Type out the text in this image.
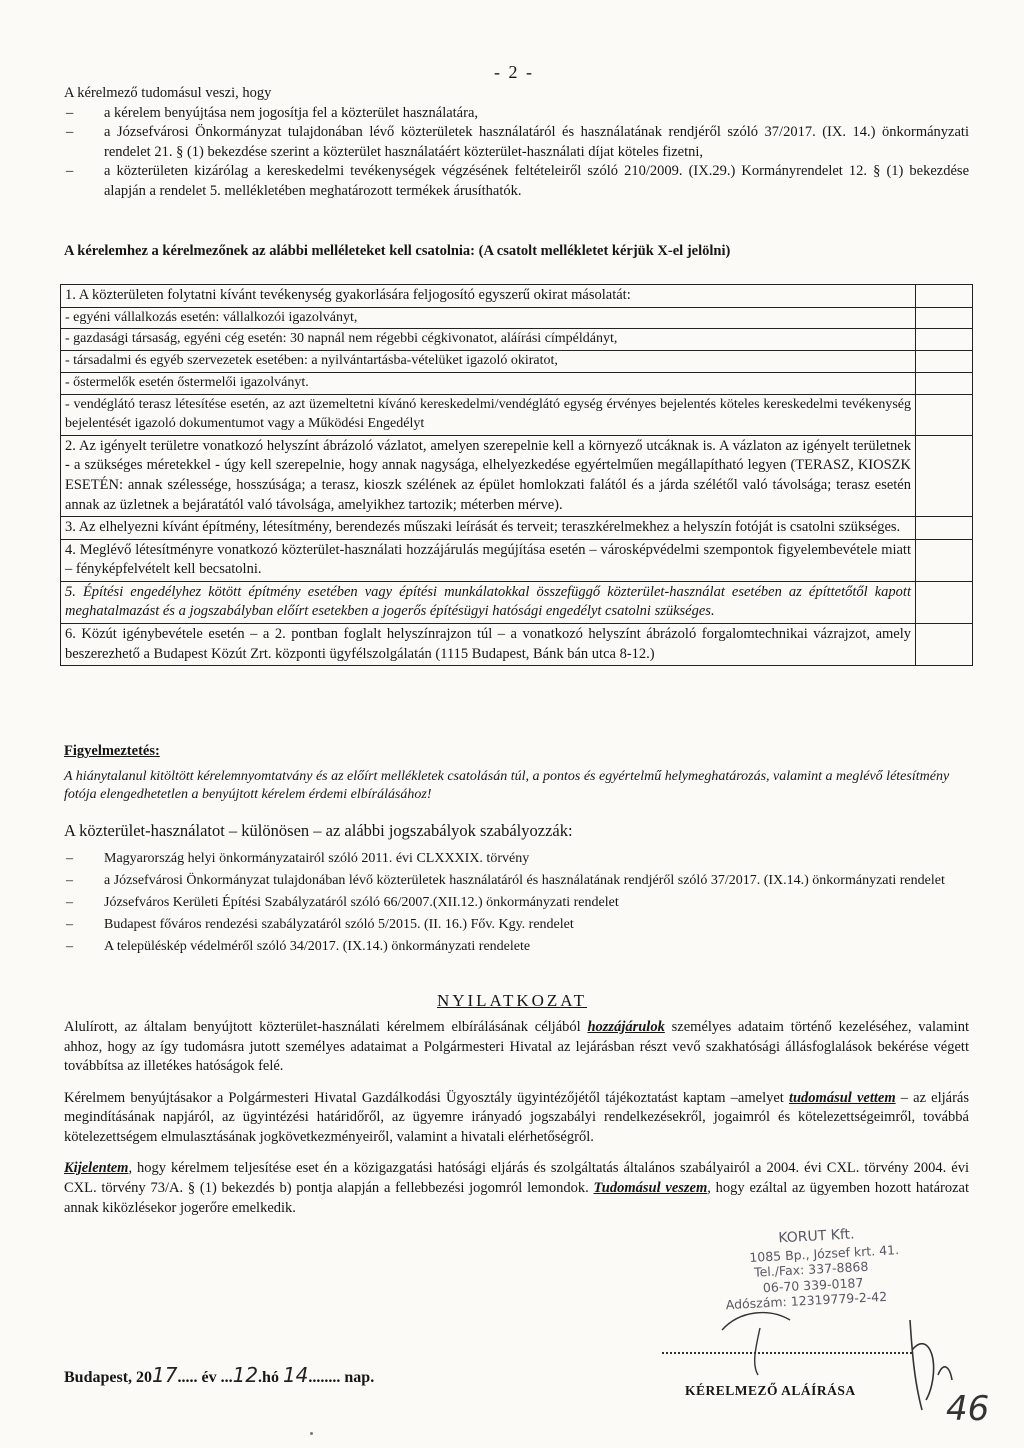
- 2 -

A kérelmező tudomásul veszi, hogy

– a kérelem benyújtása nem jogosítja fel a közterület használatára,
– a Józsefvárosi Önkormányzat tulajdonában lévő közterületek használatáról és használatának rendjéről szóló 37/2017. (IX. 14.) önkormányzati rendelet 21. § (1) bekezdése szerint a közterület használatáért közterület-használati díjat köteles fizetni,
– a közterületen kizárólag a kereskedelmi tevékenységek végzésének feltételeiről szóló 210/2009. (IX.29.) Kormányrendelet 12. § (1) bekezdése alapján a rendelet 5. mellékletében meghatározott termékek árusíthatók.
A kérelemhez a kérelmezőnek az alábbi melléleteket kell csatolnia: (A csatolt mellékletet kérjük X-el jelölni)
1. A közterületen folytatni kívánt tevékenység gyakorlására feljogosító egyszerű okirat másolatát:	
- egyéni vállalkozás esetén: vállalkozói igazolványt,	
- gazdasági társaság, egyéni cég esetén: 30 napnál nem régebbi cégkivonatot, aláírási címpéldányt,	
- társadalmi és egyéb szervezetek esetében: a nyilvántartásba-vételüket igazoló okiratot,	
- őstermelők esetén őstermelői igazolványt.	
- vendéglátó terasz létesítése esetén, az azt üzemeltetni kívánó kereskedelmi/vendéglátó egység érvényes bejelentés köteles kereskedelmi tevékenység bejelentését igazoló dokumentumot vagy a Működési Engedélyt	
2. Az igényelt területre vonatkozó helyszínt ábrázoló vázlatot, amelyen szerepelnie kell a környező utcáknak is. A vázlaton az igényelt területnek - a szükséges méretekkel - úgy kell szerepelnie, hogy annak nagysága, elhelyezkedése egyértelműen megállapítható legyen (TERASZ, KIOSZK ESETÉN: annak szélessége, hosszúsága; a terasz, kioszk szélének az épület homlokzati falától és a járda szélétől való távolsága; terasz esetén annak az üzletnek a bejáratától való távolsága, amelyikhez tartozik; méterben mérve).	
3. Az elhelyezni kívánt építmény, létesítmény, berendezés műszaki leírását és terveit; teraszkérelmekhez a helyszín fotóját is csatolni szükséges.	
4. Meglévő létesítményre vonatkozó közterület-használati hozzájárulás megújítása esetén – városképvédelmi szempontok figyelembevétele miatt – fényképfelvételt kell becsatolni.	
5. Építési engedélyhez kötött építmény esetében vagy építési munkálatokkal összefüggő közterület-használat esetében az építtetőtől kapott meghatalmazást és a jogszabályban előírt esetekben a jogerős építésügyi hatósági engedélyt csatolni szükséges.	
6. Közút igénybevétele esetén – a 2. pontban foglalt helyszínrajzon túl – a vonatkozó helyszínt ábrázoló forgalomtechnikai vázrajzot, amely beszerezhető a Budapest Közút Zrt. központi ügyfélszolgálatán (1115 Budapest, Bánk bán utca 8-12.)	

Figyelmeztetés:

A hiánytalanul kitöltött kérelemnyomtatvány és az előírt mellékletek csatolásán túl, a pontos és egyértelmű helymeghatározás, valamint a meglévő létesítmény fotója elengedhetetlen a benyújtott kérelem érdemi elbírálásához!

A közterület-használatot – különösen – az alábbi jogszabályok szabályozzák:

– Magyarország helyi önkormányzatairól szóló 2011. évi CLXXXIX. törvény
– a Józsefvárosi Önkormányzat tulajdonában lévő közterületek használatáról és használatának rendjéről szóló 37/2017. (IX.14.) önkormányzati rendelet
– Józsefváros Kerületi Építési Szabályzatáról szóló 66/2007.(XII.12.) önkormányzati rendelet
– Budapest főváros rendezési szabályzatáról szóló 5/2015. (II. 16.) Főv. Kgy. rendelet
– A településkép védelméről szóló 34/2017. (IX.14.) önkormányzati rendelete
NYILATKOZAT

Alulírott, az általam benyújtott közterület-használati kérelmem elbírálásának céljából hozzájárulok személyes adataim történő kezeléséhez, valamint ahhoz, hogy az így tudomásra jutott személyes adataimat a Polgármesteri Hivatal az lejárásban részt vevő szakhatósági állásfoglalások bekérése végett továbbítsa az illetékes hatóságok felé.

Kérelmem benyújtásakor a Polgármesteri Hivatal Gazdálkodási Ügyosztály ügyintézőjétől tájékoztatást kaptam –amelyet tudomásul vettem – az eljárás megindításának napjáról, az ügyintézési határidőről, az ügyemre irányadó jogszabályi rendelkezésekről, jogaimról és kötelezettségeimről, továbbá kötelezettségem elmulasztásának jogkövetkezményeiről, valamint a hivatali elérhetőségről.

Kijelentem, hogy kérelmem teljesítése eset én a közigazgatási hatósági eljárás és szolgáltatás általános szabályairól a 2004. évi CXL. törvény 2004. évi CXL. törvény 73/A. § (1) bekezdés b) pontja alapján a fellebbezési jogomról lemondok. Tudomásul veszem, hogy ezáltal az ügyemben hozott határozat annak kiközlésekor jogerőre emelkedik.

KORUT Kft.
1085 Bp., József krt. 41.
Tel./Fax: 337-8868
06-70 339-0187
Adószám: 12319779-2-42
46
Budapest, 2017..... év ...12.hó 14........ nap.
KÉRELMEZŐ ALÁÍRÁSA
